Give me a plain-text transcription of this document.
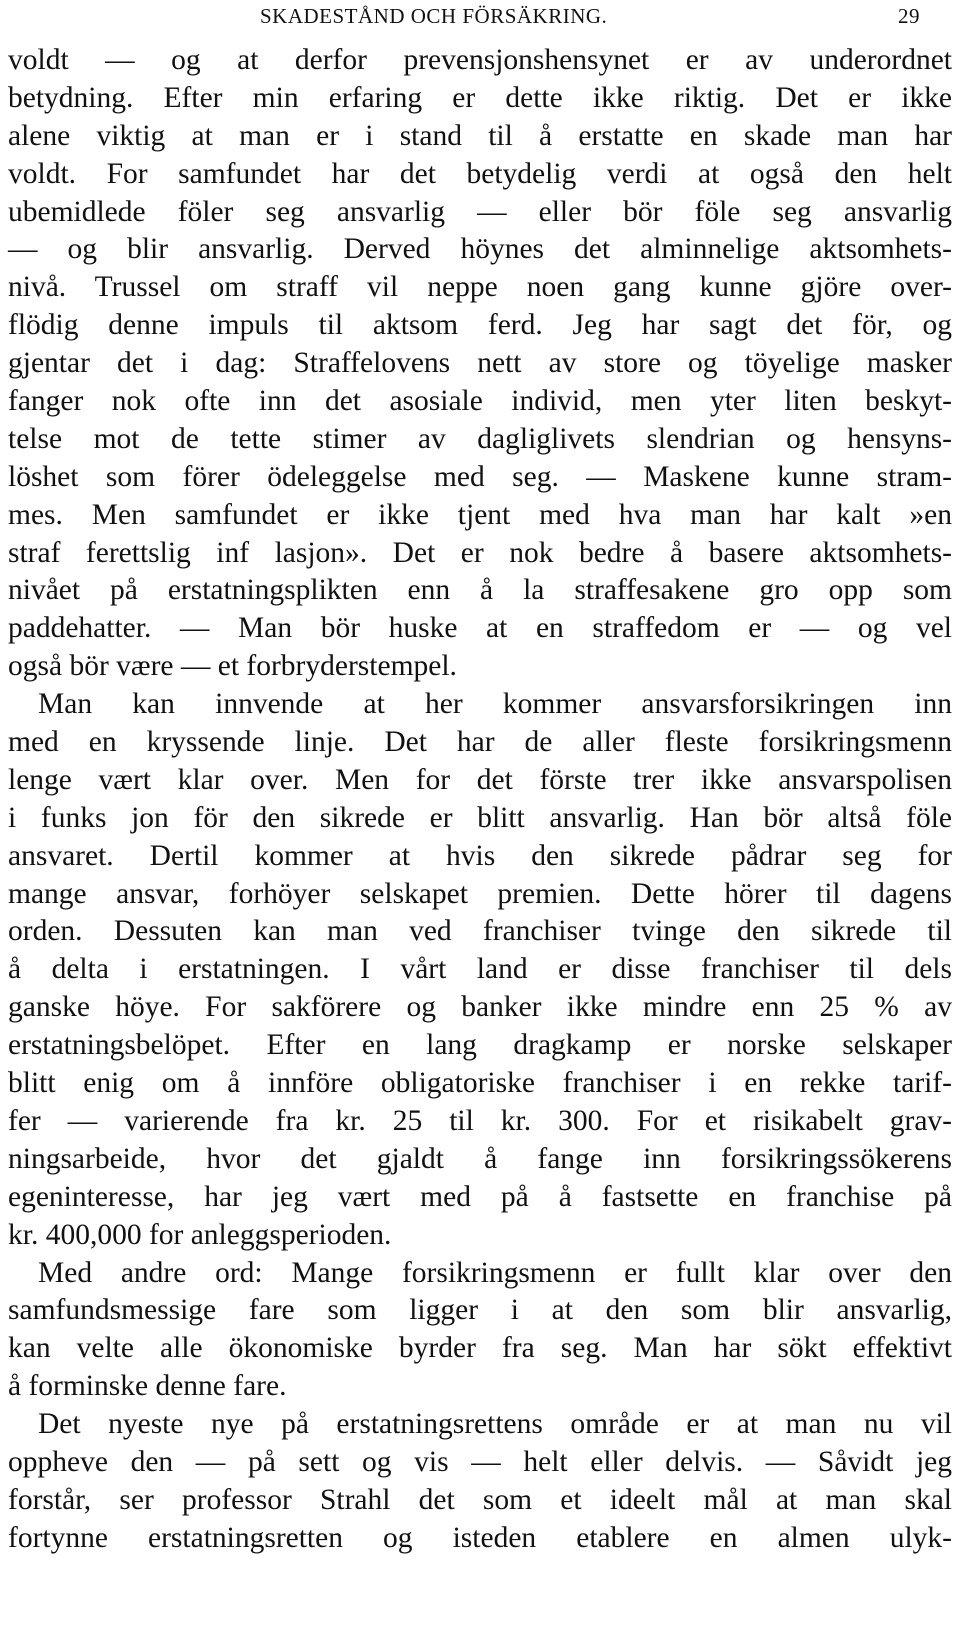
SKADESTÅND OCH FÖRSÄKRING.	29
voldt — og at derfor prevensjonshensynet er av underordnet
betydning. Efter min erfaring er dette ikke riktig. Det er ikke
alene viktig at man er i stand til å erstatte en skade man har
voldt. For samfundet har det betydelig verdi at også den helt
ubemidlede föler seg ansvarlig — eller bör föle seg ansvarlig
— og blir ansvarlig. Derved höynes det alminnelige aktsomhets-
nivå. Trussel om straff vil neppe noen gang kunne gjöre over-
flödig denne impuls til aktsom ferd. Jeg har sagt det för, og
gjentar det i dag: Straffelovens nett av store og töyelige masker
fanger nok ofte inn det asosiale individ, men yter liten beskyt-
telse mot de tette stimer av dagliglivets slendrian og hensyns-
löshet som förer ödeleggelse med seg. — Maskene kunne stram-
mes. Men samfundet er ikke tjent med hva man har kalt »en
straf ferettslig inf lasjon». Det er nok bedre å basere aktsomhets-
nivået på erstatningsplikten enn å la straffesakene gro opp som
paddehatter. — Man bör huske at en straffedom er — og vel
også bör være — et forbryderstempel.
Man kan innvende at her kommer ansvarsforsikringen inn
med en kryssende linje. Det har de aller fleste forsikringsmenn
lenge vært klar over. Men for det förste trer ikke ansvarspolisen
i funks jon för den sikrede er blitt ansvarlig. Han bör altså föle
ansvaret. Dertil kommer at hvis den sikrede pådrar seg for
mange ansvar, forhöyer selskapet premien. Dette hörer til dagens
orden. Dessuten kan man ved franchiser tvinge den sikrede til
å delta i erstatningen. I vårt land er disse franchiser til dels
ganske höye. For sakförere og banker ikke mindre enn 25 % av
erstatningsbelöpet. Efter en lang dragkamp er norske selskaper
blitt enig om å innföre obligatoriske franchiser i en rekke tarif-
fer — varierende fra kr. 25 til kr. 300. For et risikabelt grav-
ningsarbeide, hvor det gjaldt å fange inn forsikringssökerens
egeninteresse, har jeg vært med på å fastsette en franchise på
kr. 400,000 for anleggsperioden.
Med andre ord: Mange forsikringsmenn er fullt klar over den
samfundsmessige fare som ligger i at den som blir ansvarlig,
kan velte alle ökonomiske byrder fra seg. Man har sökt effektivt
å forminske denne fare.
Det nyeste nye på erstatningsrettens område er at man nu vil
oppheve den — på sett og vis — helt eller delvis. — Såvidt jeg
forstår, ser professor Strahl det som et ideelt mål at man skal
fortynne erstatningsretten og isteden etablere en almen ulyk-
